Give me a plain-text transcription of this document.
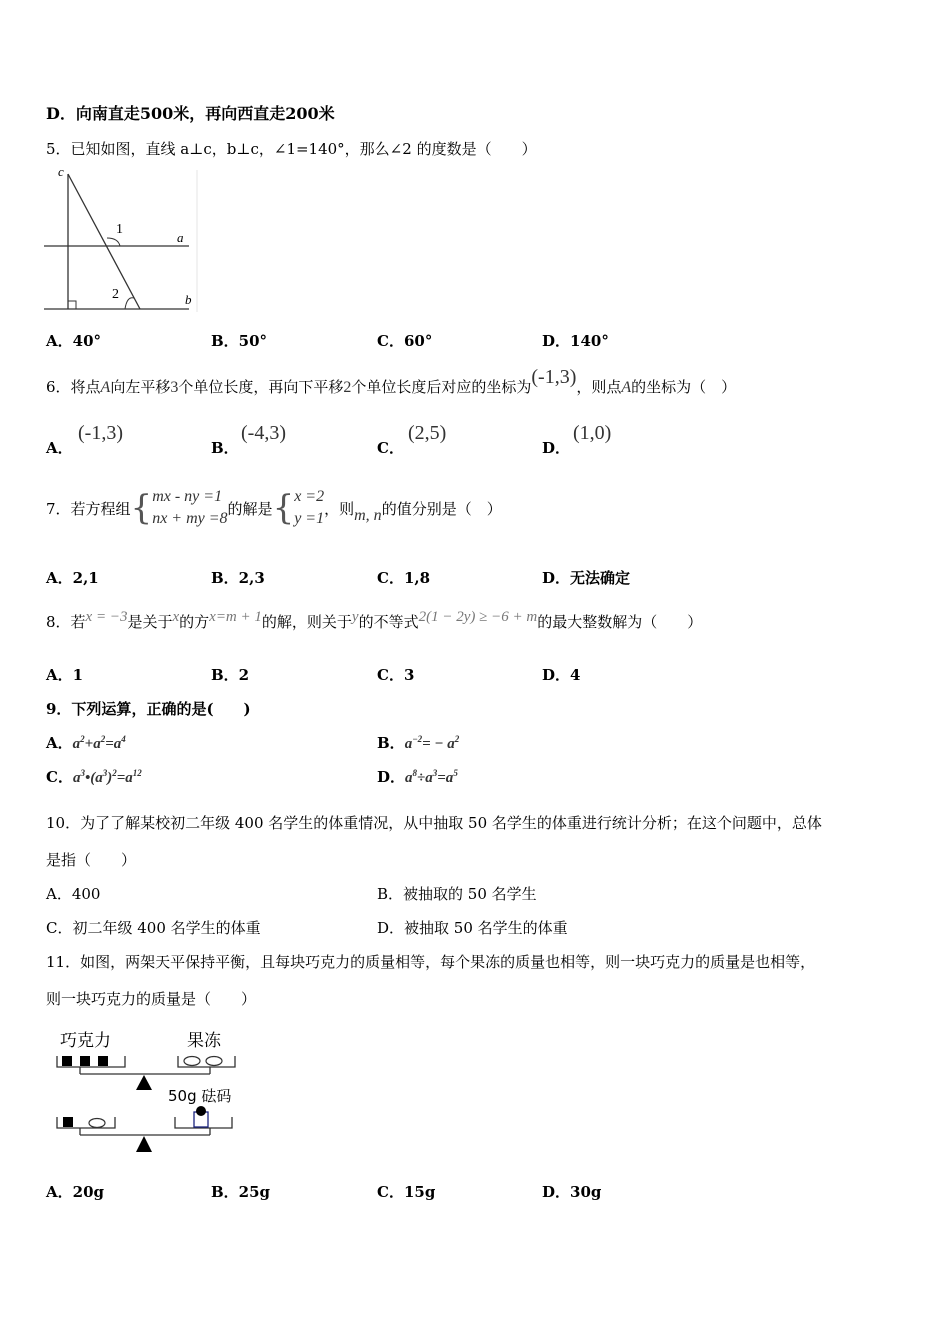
D．向南直走500米，再向西直走200米
5．已知如图，直线 a⊥c，b⊥c，∠1=140°，那么∠2 的度数是（　　）
c
1
a
2	b
A．40°	B．50°	C．60°	D．140°
6．将点A向左平移3个单位长度，再向下平移2个单位长度后对应的坐标为(-1,3)，则点A的坐标为（　）
A．
(-1,3)
B．
(-4,3)
C．
(2,5)
D．
(1,0)
7．若方程组 { mx - ny =1
nx + my =8
的解是 { x =2
y =1
，则 m, n 的值分别是（　）
A．2,1	B．2,3	C．1,8	D．无法确定
8．若x = −3是关于x的方x=m + 1的解，则关于y的不等式2(1 − 2y) ≥ −6 + m的最大整数解为（　　）
A．1	B．2	C．3	D．4
9．下列运算，正确的是(　　)
A．$a^2+a^2=a^4$	B．$a^{-2}= - a^2$
C．$a^3•(a^3)^2=a^{12}$	D．$a^8\div a^3=a^5$
10．为了了解某校初二年级 400 名学生的体重情况，从中抽取 50 名学生的体重进行统计分析；在这个问题中，总体
是指（　　）
A．400	B．被抽取的 50 名学生
C．初二年级 400 名学生的体重	D．被抽取 50 名学生的体重
11．如图，两架天平保持平衡，且每块巧克力的质量相等，每个果冻的质量也相等，则一块巧克力的质量是也相等，
则一块巧克力的质量是（　　）
巧克力	果冻
50g 砝码
A．20g	B．25g	C．15g	D．30g
